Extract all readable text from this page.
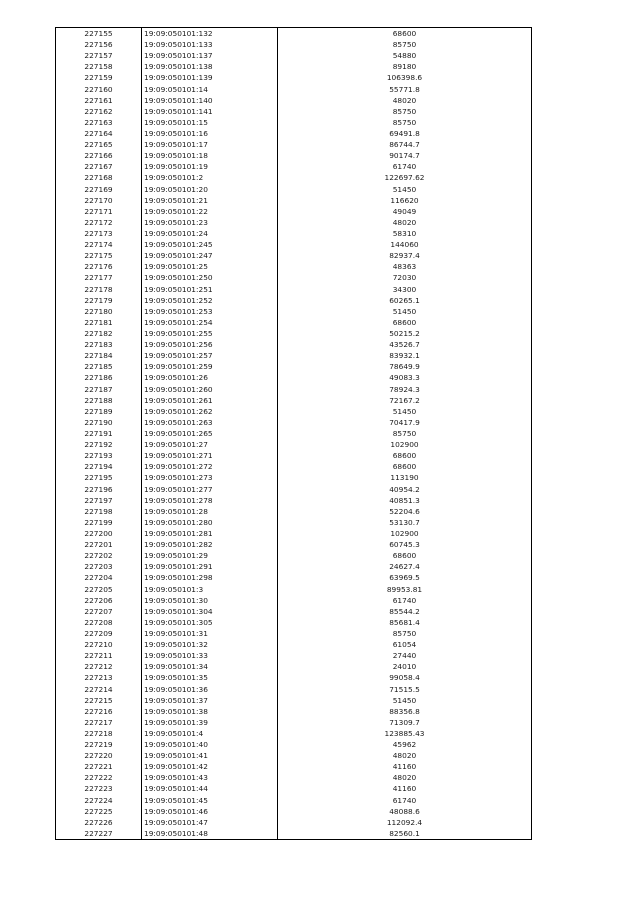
227155	19:09:050101:132	68600
227156	19:09:050101:133	85750
227157	19:09:050101:137	54880
227158	19:09:050101:138	89180
227159	19:09:050101:139	106398.6
227160	19:09:050101:14	55771.8
227161	19:09:050101:140	48020
227162	19:09:050101:141	85750
227163	19:09:050101:15	85750
227164	19:09:050101:16	69491.8
227165	19:09:050101:17	86744.7
227166	19:09:050101:18	90174.7
227167	19:09:050101:19	61740
227168	19:09:050101:2	122697.62
227169	19:09:050101:20	51450
227170	19:09:050101:21	116620
227171	19:09:050101:22	49049
227172	19:09:050101:23	48020
227173	19:09:050101:24	58310
227174	19:09:050101:245	144060
227175	19:09:050101:247	82937.4
227176	19:09:050101:25	48363
227177	19:09:050101:250	72030
227178	19:09:050101:251	34300
227179	19:09:050101:252	60265.1
227180	19:09:050101:253	51450
227181	19:09:050101:254	68600
227182	19:09:050101:255	50215.2
227183	19:09:050101:256	43526.7
227184	19:09:050101:257	83932.1
227185	19:09:050101:259	78649.9
227186	19:09:050101:26	49083.3
227187	19:09:050101:260	78924.3
227188	19:09:050101:261	72167.2
227189	19:09:050101:262	51450
227190	19:09:050101:263	70417.9
227191	19:09:050101:265	85750
227192	19:09:050101:27	102900
227193	19:09:050101:271	68600
227194	19:09:050101:272	68600
227195	19:09:050101:273	113190
227196	19:09:050101:277	40954.2
227197	19:09:050101:278	40851.3
227198	19:09:050101:28	52204.6
227199	19:09:050101:280	53130.7
227200	19:09:050101:281	102900
227201	19:09:050101:282	60745.3
227202	19:09:050101:29	68600
227203	19:09:050101:291	24627.4
227204	19:09:050101:298	63969.5
227205	19:09:050101:3	89953.81
227206	19:09:050101:30	61740
227207	19:09:050101:304	85544.2
227208	19:09:050101:305	85681.4
227209	19:09:050101:31	85750
227210	19:09:050101:32	61054
227211	19:09:050101:33	27440
227212	19:09:050101:34	24010
227213	19:09:050101:35	99058.4
227214	19:09:050101:36	71515.5
227215	19:09:050101:37	51450
227216	19:09:050101:38	88356.8
227217	19:09:050101:39	71309.7
227218	19:09:050101:4	123885.43
227219	19:09:050101:40	45962
227220	19:09:050101:41	48020
227221	19:09:050101:42	41160
227222	19:09:050101:43	48020
227223	19:09:050101:44	41160
227224	19:09:050101:45	61740
227225	19:09:050101:46	48088.6
227226	19:09:050101:47	112092.4
227227	19:09:050101:48	82560.1
